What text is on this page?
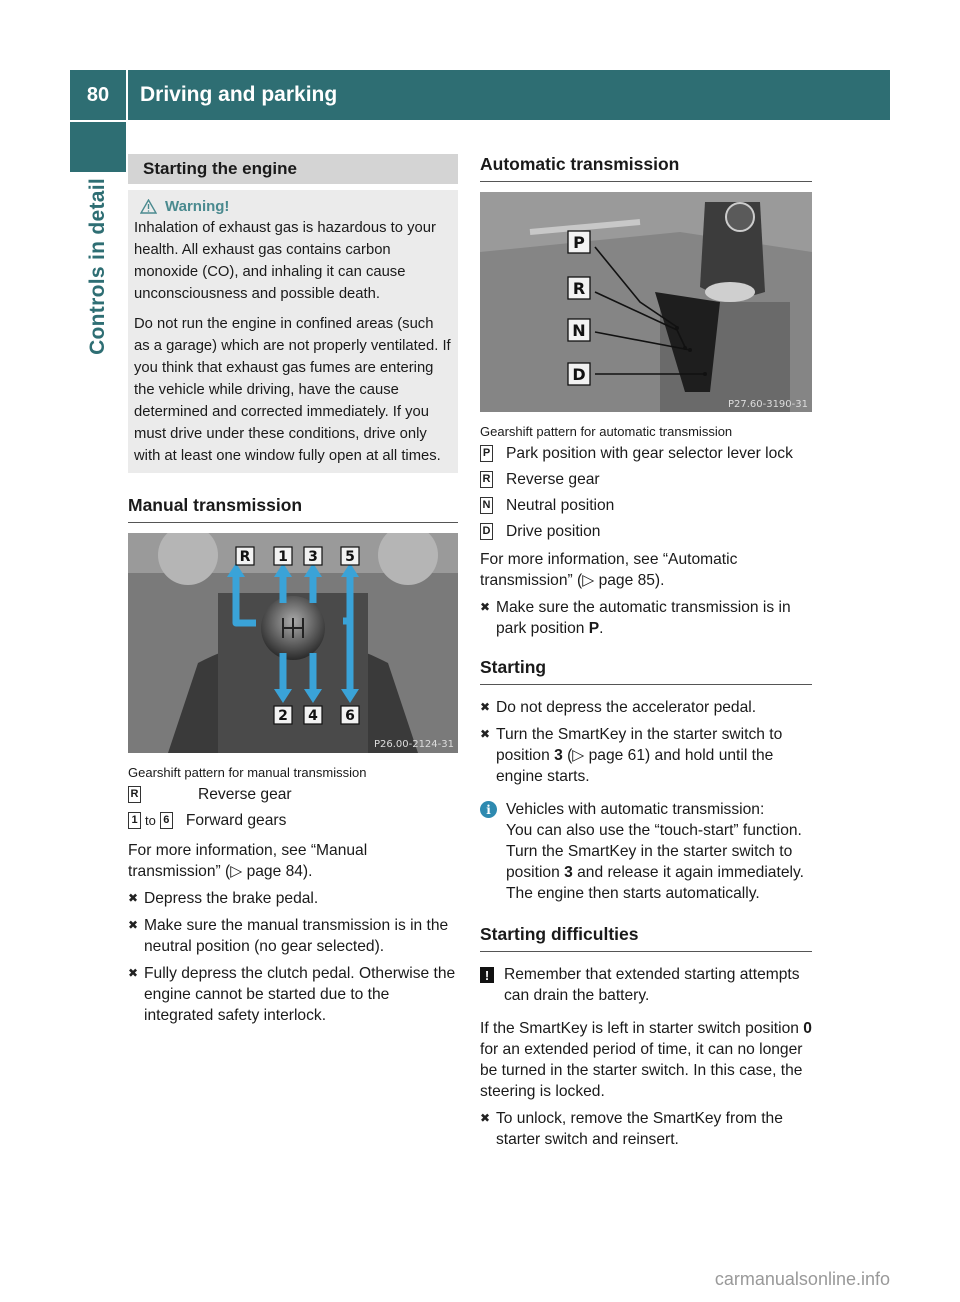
80	Driving and parking
Controls in detail
Starting the engine
Warning!

Inhalation of exhaust gas is hazardous to your health. All exhaust gas contains carbon monoxide (CO), and inhaling it can cause unconsciousness and possible death.

Do not run the engine in confined areas (such as a garage) which are not properly ventilated. If you think that exhaust gas fumes are entering the vehicle while driving, have the cause determined and corrected immediately. If you must drive under these conditions, drive only with at least one window fully open at all times.

Manual transmission
R 1 3 5
2 4 6
P26.00-2124-31
Gearshift pattern for manual transmission
R	Reverse gear
1 to 6 Forward gears

For more information, see “Manual transmission” (▷ page 84).

✖ Depress the brake pedal.

✖ Make sure the manual transmission is in the neutral position (no gear selected).

✖ Fully depress the clutch pedal. Otherwise the engine cannot be started due to the integrated safety interlock.

Automatic transmission
P
R
N
D
P27.60-3190-31
Gearshift pattern for automatic transmission
P Park position with gear selector lever lock
R Reverse gear
N Neutral position
D Drive position

For more information, see “Automatic transmission” (▷ page 85).

✖ Make sure the automatic transmission is in park position P.

Starting
✖ Do not depress the accelerator pedal.

✖ Turn the SmartKey in the starter switch to position 3 (▷ page 61) and hold until the engine starts.

i Vehicles with automatic transmission:

You can also use the “touch-start” function. Turn the SmartKey in the starter switch to position 3 and release it again immediately. The engine then starts automatically.

Starting difficulties
! Remember that extended starting attempts can drain the battery.

If the SmartKey is left in starter switch position 0 for an extended period of time, it can no longer be turned in the starter switch. In this case, the steering is locked.

✖ To unlock, remove the SmartKey from the starter switch and reinsert.

carmanualsonline.info
